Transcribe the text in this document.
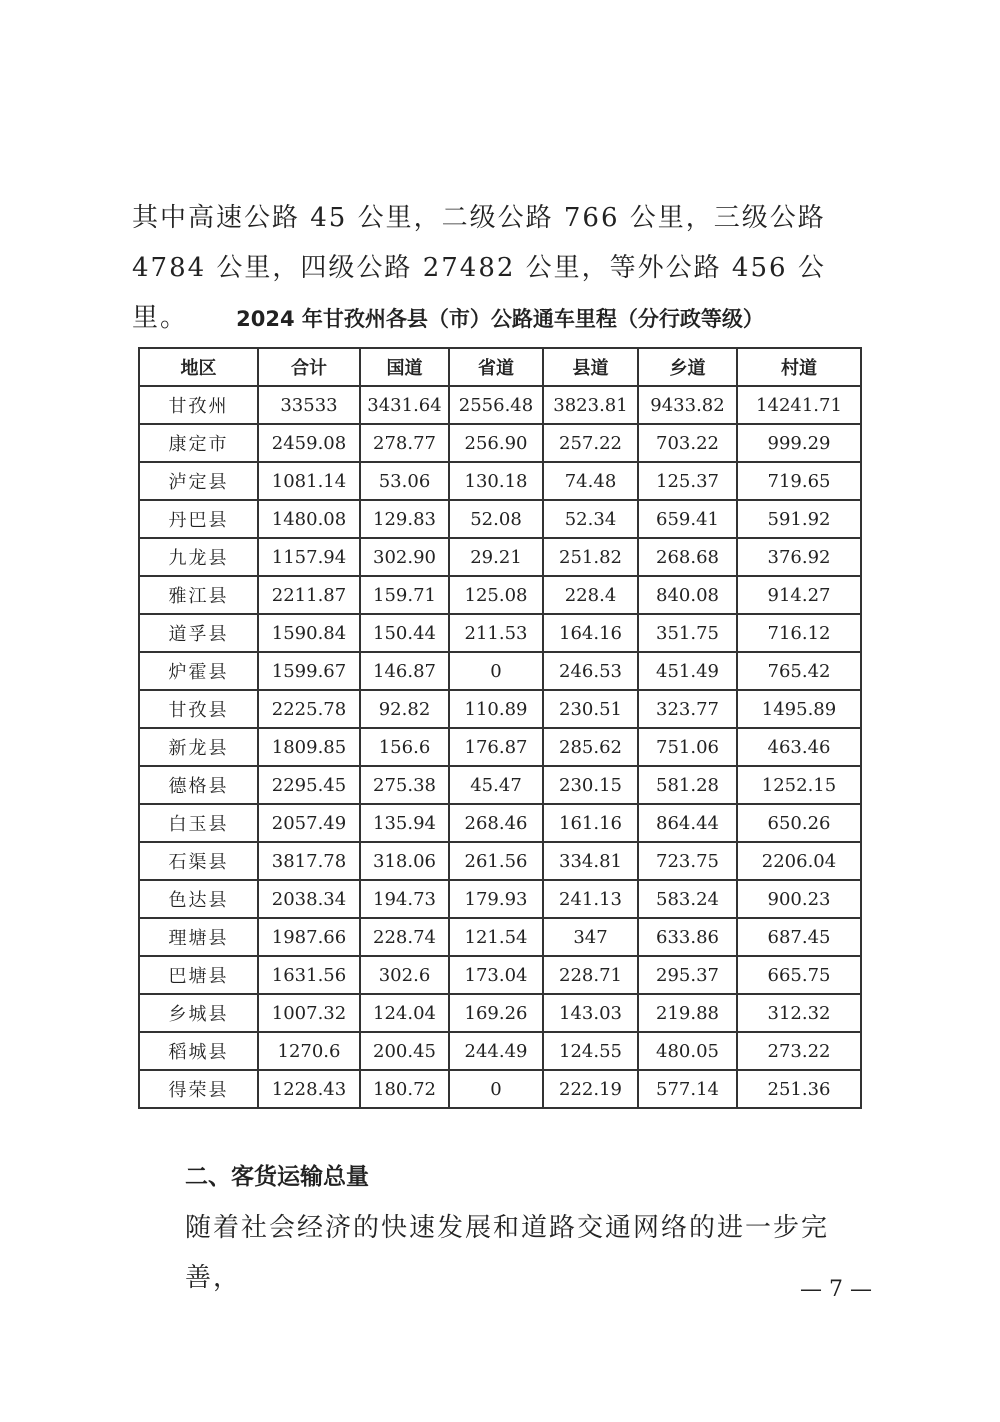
其中高速公路 45 公里，二级公路 766 公里，三级公路 4784 公里，四级公路 27482 公里，等外公路 456 公里。	2024 年甘孜州各县（市）公路通车里程（分行政等级）
地区	合计	国道	省道	县道	乡道	村道
甘孜州	33533	3431.64	2556.48	3823.81	9433.82	14241.71
康定市	2459.08	278.77	256.90	257.22	703.22	999.29
泸定县	1081.14	53.06	130.18	74.48	125.37	719.65
丹巴县	1480.08	129.83	52.08	52.34	659.41	591.92
九龙县	1157.94	302.90	29.21	251.82	268.68	376.92
雅江县	2211.87	159.71	125.08	228.4	840.08	914.27
道孚县	1590.84	150.44	211.53	164.16	351.75	716.12
炉霍县	1599.67	146.87	0	246.53	451.49	765.42
甘孜县	2225.78	92.82	110.89	230.51	323.77	1495.89
新龙县	1809.85	156.6	176.87	285.62	751.06	463.46
德格县	2295.45	275.38	45.47	230.15	581.28	1252.15
白玉县	2057.49	135.94	268.46	161.16	864.44	650.26
石渠县	3817.78	318.06	261.56	334.81	723.75	2206.04
色达县	2038.34	194.73	179.93	241.13	583.24	900.23
理塘县	1987.66	228.74	121.54	347	633.86	687.45
巴塘县	1631.56	302.6	173.04	228.71	295.37	665.75
乡城县	1007.32	124.04	169.26	143.03	219.88	312.32
稻城县	1270.6	200.45	244.49	124.55	480.05	273.22
得荣县	1228.43	180.72	0	222.19	577.14	251.36
二、客货运输总量
随着社会经济的快速发展和道路交通网络的进一步完善，	— 7 —
